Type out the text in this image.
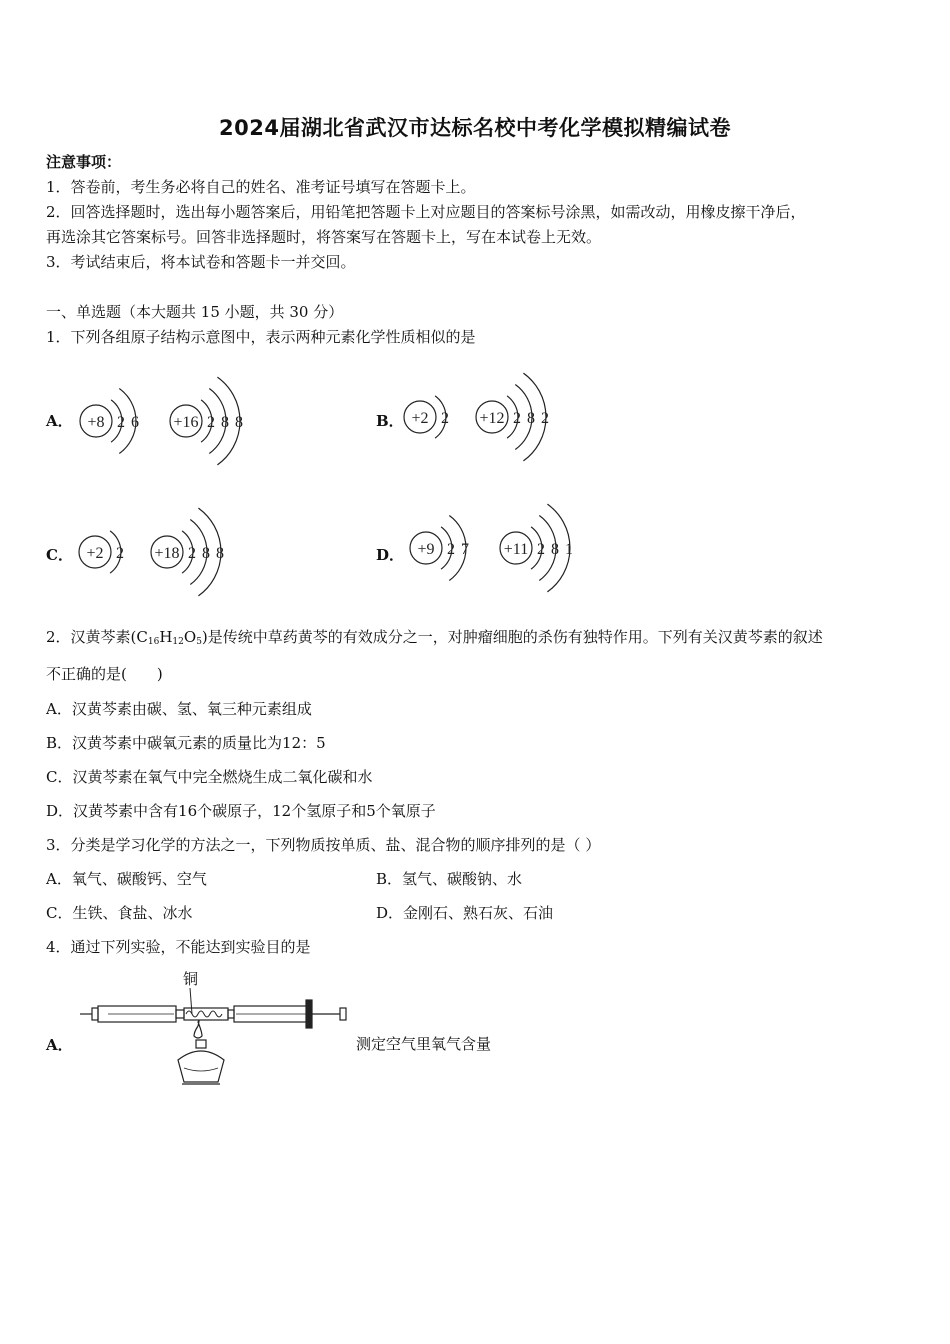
2024届湖北省武汉市达标名校中考化学模拟精编试卷
注意事项：
1．答卷前，考生务必将自己的姓名、准考证号填写在答题卡上。
2．回答选择题时，选出每小题答案后，用铅笔把答题卡上对应题目的答案标号涂黑，如需改动，用橡皮擦干净后，
再选涂其它答案标号。回答非选择题时，将答案写在答题卡上，写在本试卷上无效。
3．考试结束后，将本试卷和答题卡一并交回。
一、单选题（本大题共 15 小题，共 30 分）
1．下列各组原子结构示意图中，表示两种元素化学性质相似的是
A．	B．
C．	D．
+8 2 6 +16 2 8 8	+2 2 +12 2 8 2
+2 2 +18 2 8 8	+9 2 7 +11 2 8 1
2．汉黄芩素$(C_{16}H_{12}O_5)$是传统中草药黄芩的有效成分之一，对肿瘤细胞的杀伤有独特作用。下列有关汉黄芩素的叙述
不正确的是(　　)
A．汉黄芩素由碳、氢、氧三种元素组成
B．汉黄芩素中碳氧元素的质量比为12：5
C．汉黄芩素在氧气中完全燃烧生成二氧化碳和水
D．汉黄芩素中含有16个碳原子，12个氢原子和5个氧原子
3．分类是学习化学的方法之一，下列物质按单质、盐、混合物的顺序排列的是（ ）
A．氧气、碳酸钙、空气	B．氢气、碳酸钠、水
C．生铁、食盐、冰水	D．金刚石、熟石灰、石油
4．通过下列实验，不能达到实验目的是
A．	测定空气里氧气含量
铜
